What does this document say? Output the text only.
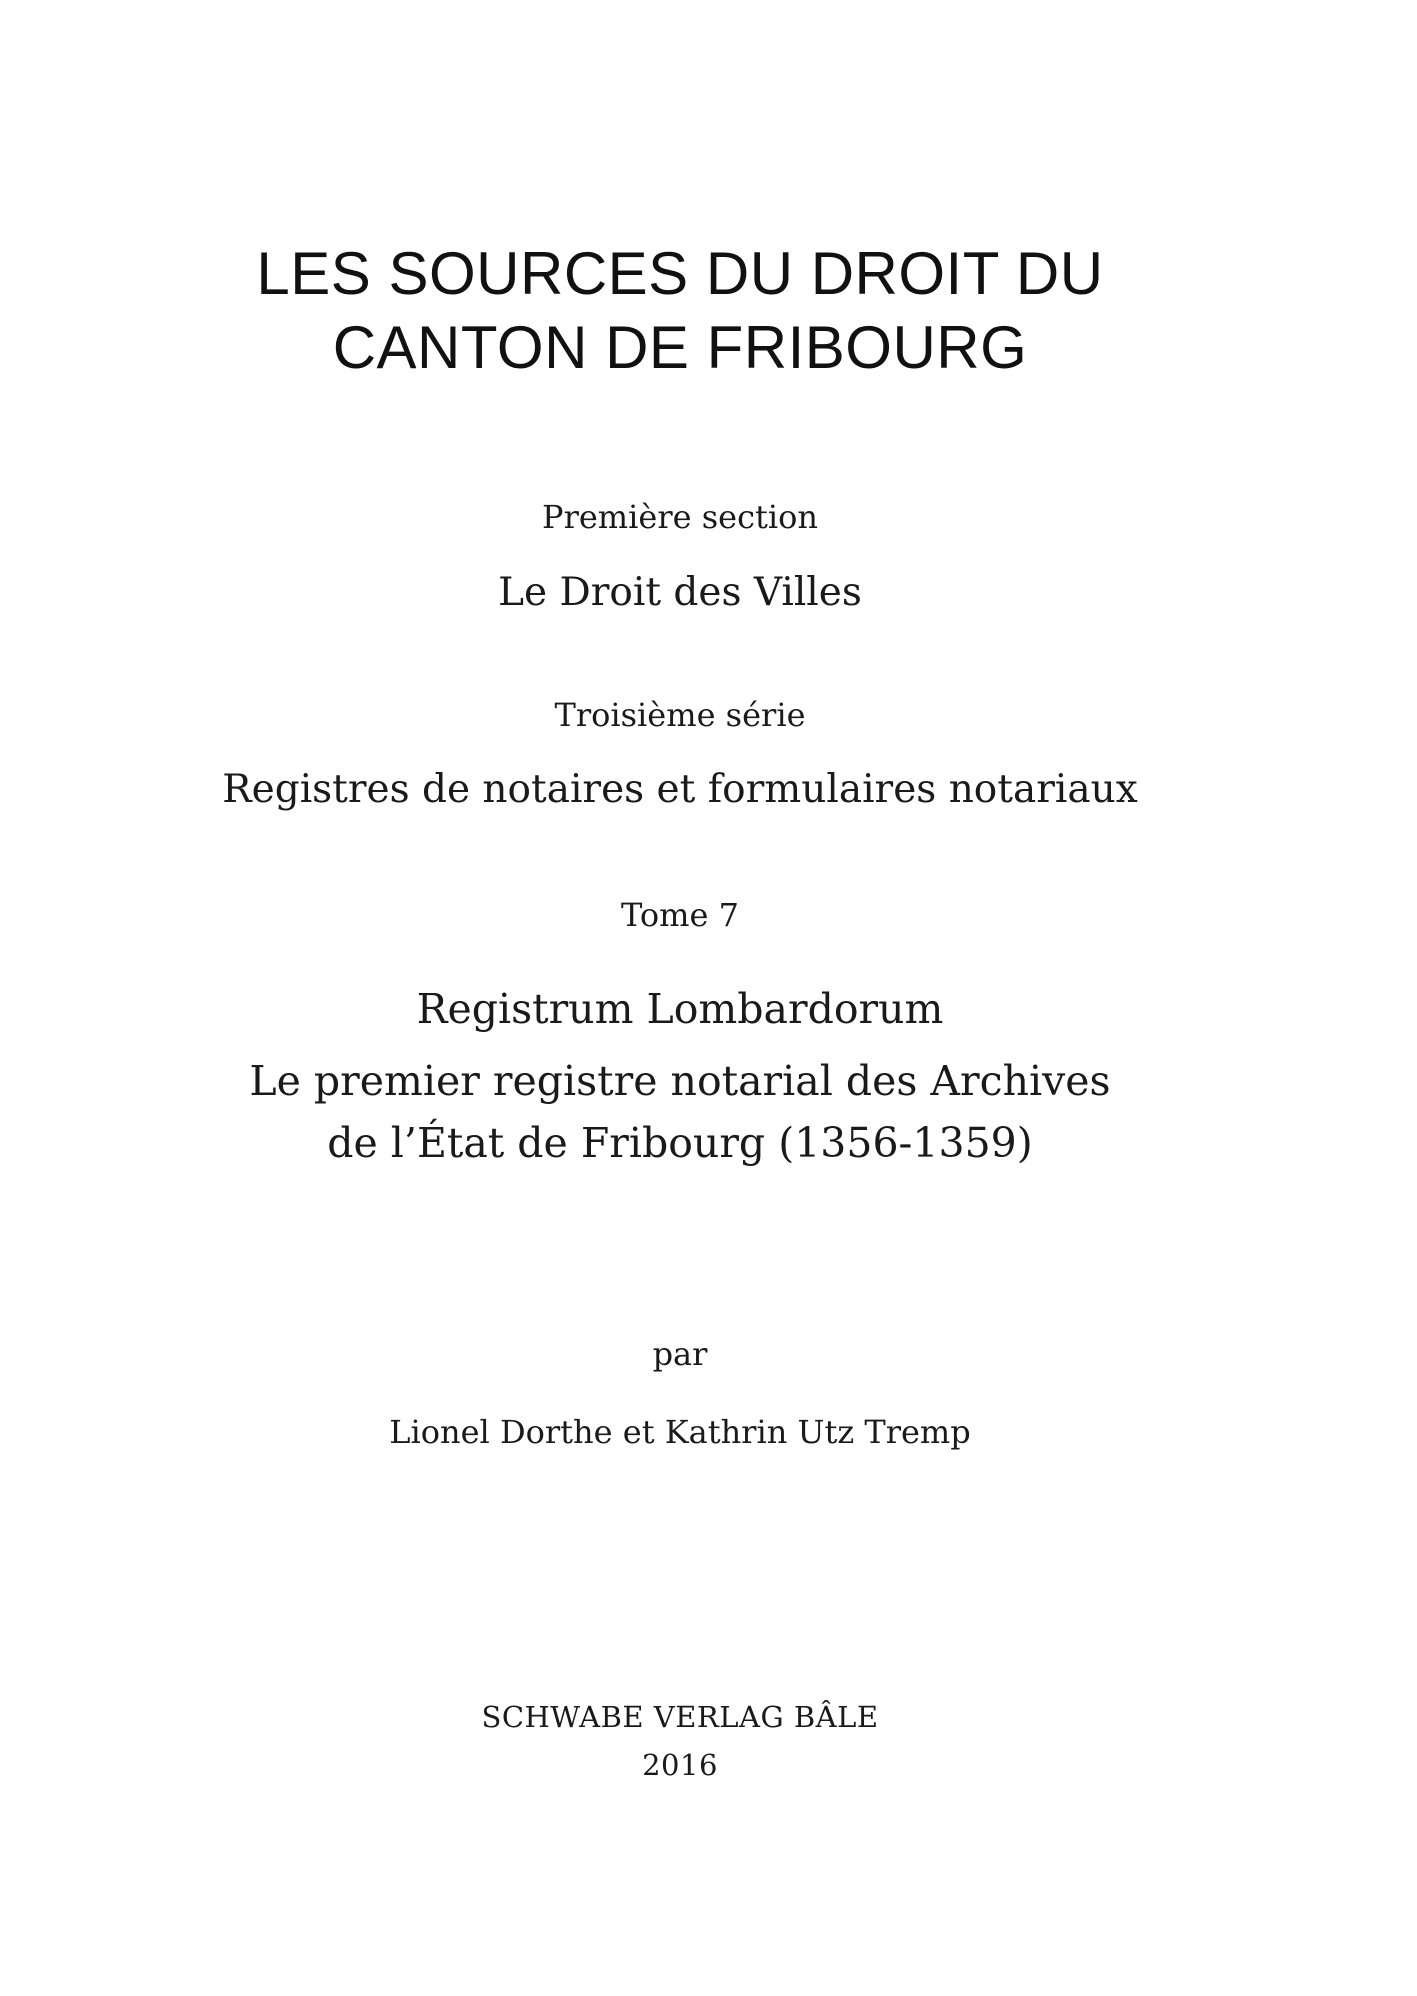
LES SOURCES DU DROIT DU
CANTON DE FRIBOURG
Première section
Le Droit des Villes
Troisième série
Registres de notaires et formulaires notariaux
Tome 7
Registrum Lombardorum
Le premier registre notarial des Archives
de l’État de Fribourg (1356-1359)
par
Lionel Dorthe et Kathrin Utz Tremp
SCHWABE VERLAG BÂLE
2016
